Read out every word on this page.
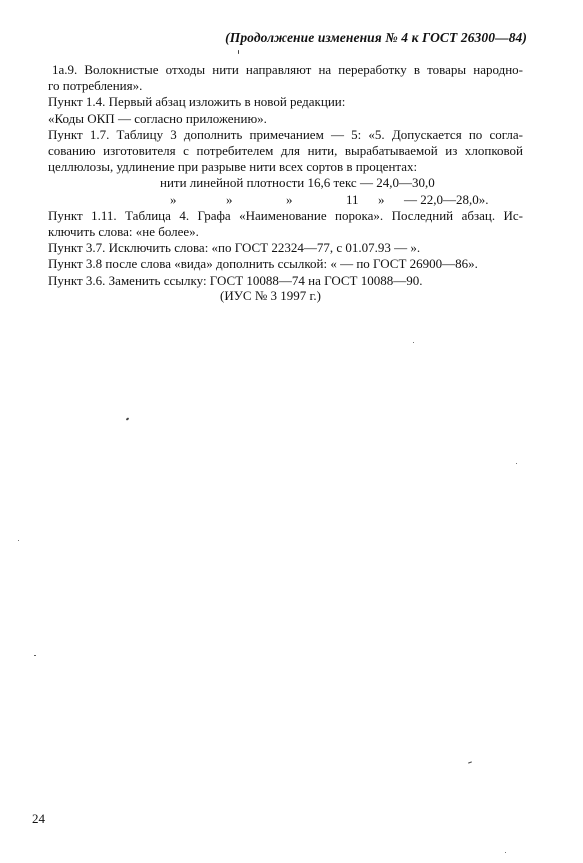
(Продолжение изменения № 4 к ГОСТ 26300—84)
1а.9. Волокнистые отходы нити направляют на переработку в товары народно-
го потребления».
Пункт 1.4. Первый абзац изложить в новой редакции:
«Коды ОКП — согласно приложению».
Пункт 1.7. Таблицу 3 дополнить примечанием — 5: «5. Допускается по согла-
сованию изготовителя с потребителем для нити, вырабатываемой из хлопковой
целлюлозы, удлинение при разрыве нити всех сортов в процентах:
нити линейной плотности 16,6 текс — 24,0—30,0
»	»	»	11 » — 22,0—28,0».
Пункт 1.11. Таблица 4. Графа «Наименование порока». Последний абзац. Ис-
ключить слова: «не более».
Пункт 3.7. Исключить слова: «по ГОСТ 22324—77, с 01.07.93 — ».
Пункт 3.8 после слова «вида» дополнить ссылкой: « — по ГОСТ 26900—86».
Пункт 3.6. Заменить ссылку: ГОСТ 10088—74 на ГОСТ 10088—90.
(ИУС № 3 1997 г.)
24
